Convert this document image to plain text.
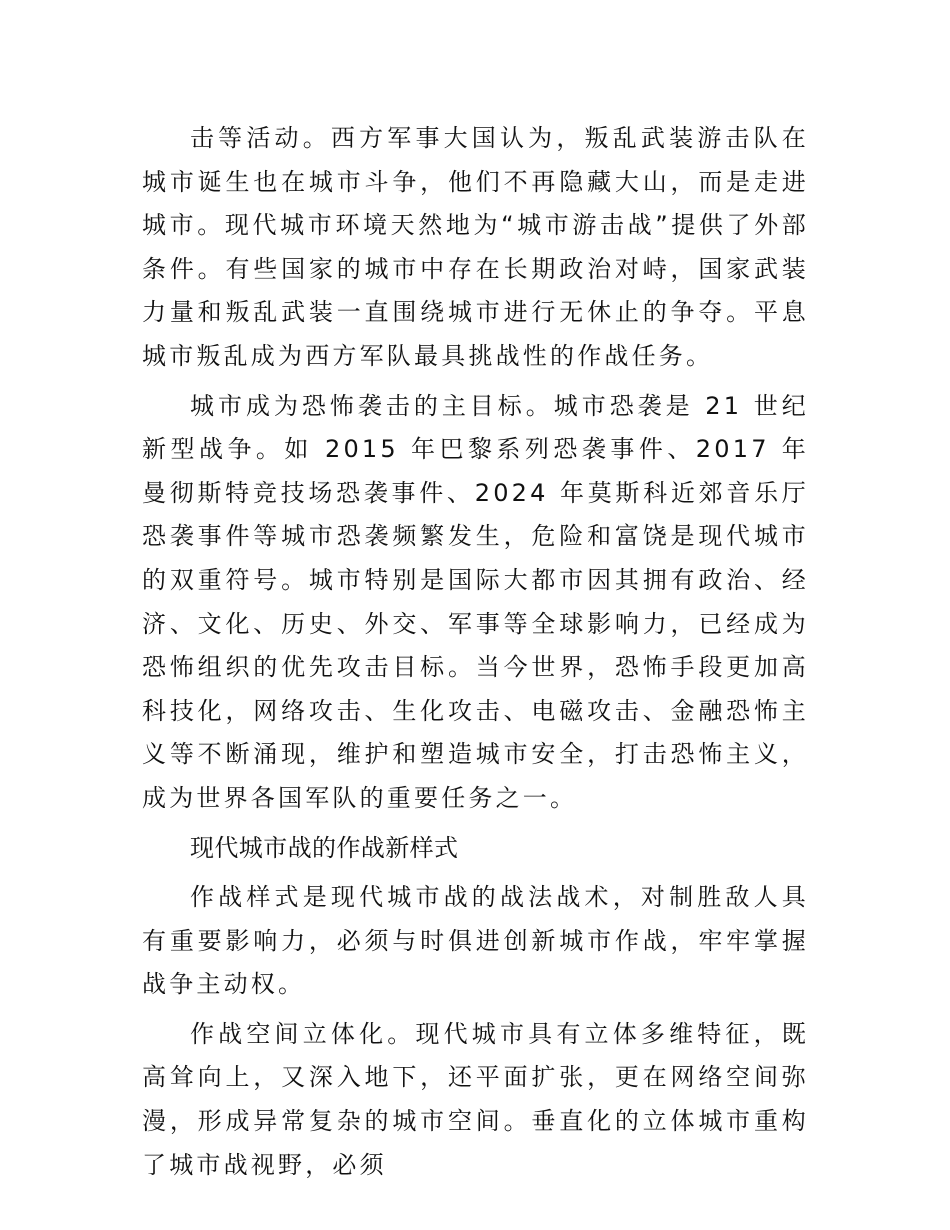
击等活动。西方军事大国认为，叛乱武装游击队在城市诞生也在城市斗争，他们不再隐藏大山，而是走进城市。现代城市环境天然地为“城市游击战”提供了外部条件。有些国家的城市中存在长期政治对峙，国家武装力量和叛乱武装一直围绕城市进行无休止的争夺。平息城市叛乱成为西方军队最具挑战性的作战任务。

城市成为恐怖袭击的主目标。城市恐袭是 21 世纪新型战争。如 2015 年巴黎系列恐袭事件、2017 年曼彻斯特竞技场恐袭事件、2024 年莫斯科近郊音乐厅恐袭事件等城市恐袭频繁发生，危险和富饶是现代城市的双重符号。城市特别是国际大都市因其拥有政治、经济、文化、历史、外交、军事等全球影响力，已经成为恐怖组织的优先攻击目标。当今世界，恐怖手段更加高科技化，网络攻击、生化攻击、电磁攻击、金融恐怖主义等不断涌现，维护和塑造城市安全，打击恐怖主义，成为世界各国军队的重要任务之一。

现代城市战的作战新样式

作战样式是现代城市战的战法战术，对制胜敌人具有重要影响力，必须与时俱进创新城市作战，牢牢掌握战争主动权。

作战空间立体化。现代城市具有立体多维特征，既高耸向上，又深入地下，还平面扩张，更在网络空间弥漫，形成异常复杂的城市空间。垂直化的立体城市重构了城市战视野，必须
